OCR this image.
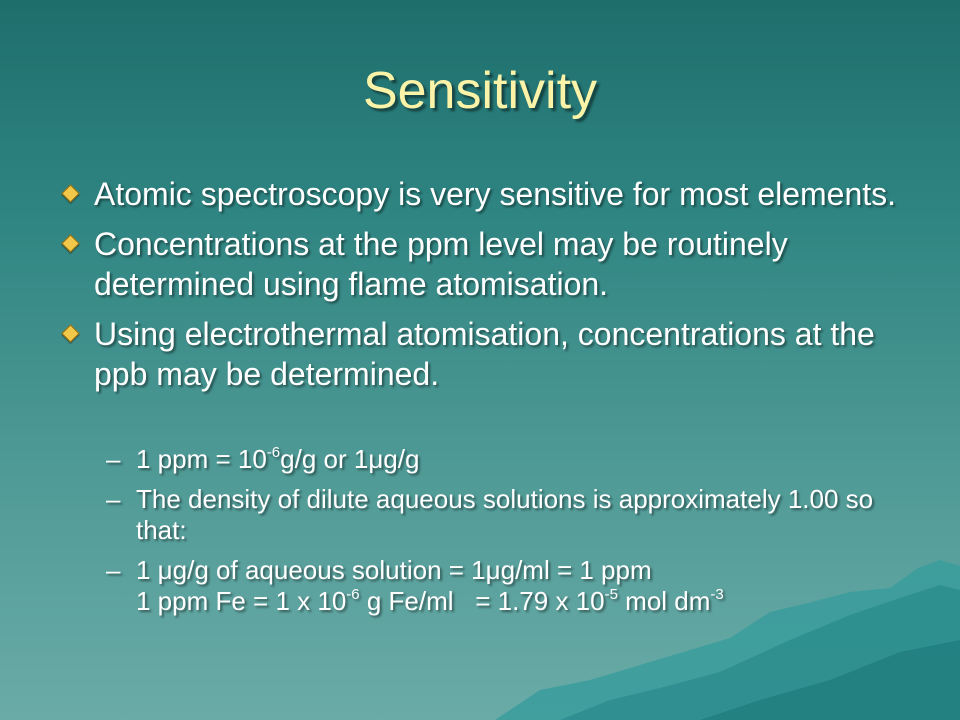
Sensitivity
Atomic spectroscopy is very sensitive for most elements.
Concentrations at the ppm level may be routinely determined using flame atomisation.
Using electrothermal atomisation, concentrations at the ppb may be determined.
– 1 ppm = $10^{-6}g/g$ or 1μg/g
– The density of dilute aqueous solutions is approximately 1.00 so that:
– 1 μg/g of aqueous solution = 1μg/ml = 1 ppm
1 ppm Fe = 1 x $10^{-6}$ g Fe/ml   = 1.79 x $10^{-5}$ mol $dm^{-3}$
